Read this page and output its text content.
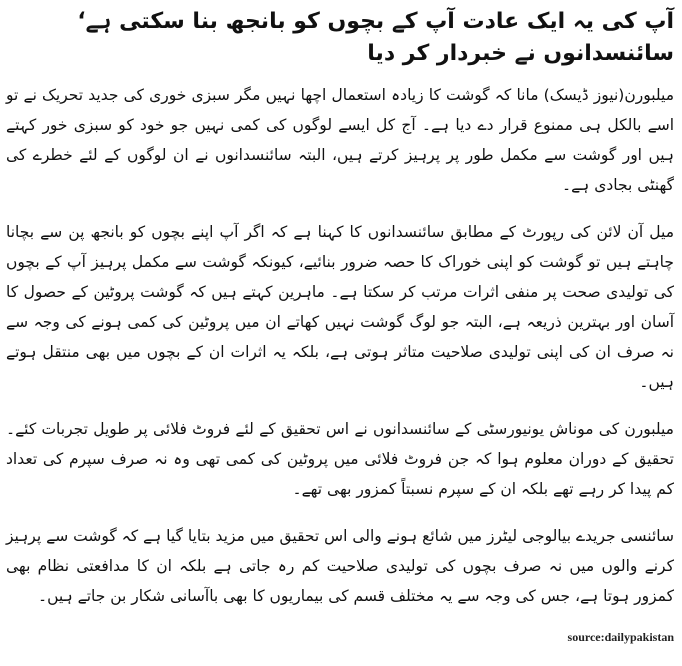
آپ کی یہ ایک عادت آپ کے بچوں کو بانجھ بنا سکتی ہے‘ سائنسدانوں نے خبردار کر دیا

میلبورن(نیوز ڈیسک) مانا کہ گوشت کا زیادہ استعمال اچھا نہیں مگر سبزی خوری کی جدید تحریک نے تو اسے بالکل ہی ممنوع قرار دے دیا ہے۔ آج کل ایسے لوگوں کی کمی نہیں جو خود کو سبزی خور کہتے ہیں اور گوشت سے مکمل طور پر پرہیز کرتے ہیں، البتہ سائنسدانوں نے ان لوگوں کے لئے خطرے کی گھنٹی بجادی ہے۔

میل آن لائن کی رپورٹ کے مطابق سائنسدانوں کا کہنا ہے کہ اگر آپ اپنے بچوں کو بانجھ پن سے بچانا چاہتے ہیں تو گوشت کو اپنی خوراک کا حصہ ضرور بنائیے، کیونکہ گوشت سے مکمل پرہیز آپ کے بچوں کی تولیدی صحت پر منفی اثرات مرتب کر سکتا ہے۔ ماہرین کہتے ہیں کہ گوشت پروٹین کے حصول کا آسان اور بہترین ذریعہ ہے، البتہ جو لوگ گوشت نہیں کھاتے ان میں پروٹین کی کمی ہونے کی وجہ سے نہ صرف ان کی اپنی تولیدی صلاحیت متاثر ہوتی ہے، بلکہ یہ اثرات ان کے بچوں میں بھی منتقل ہوتے ہیں۔

میلبورن کی موناش یونیورسٹی کے سائنسدانوں نے اس تحقیق کے لئے فروٹ فلائی پر طویل تجربات کئے۔ تحقیق کے دوران معلوم ہوا کہ جن فروٹ فلائی میں پروٹین کی کمی تھی وہ نہ صرف سپرم کی تعداد کم پیدا کر رہے تھے بلکہ ان کے سپرم نسبتاً کمزور بھی تھے۔

سائنسی جریدے بیالوجی لیٹرز میں شائع ہونے والی اس تحقیق میں مزید بتایا گیا ہے کہ گوشت سے پرہیز کرنے والوں میں نہ صرف بچوں کی تولیدی صلاحیت کم رہ جاتی ہے بلکہ ان کا مدافعتی نظام بھی کمزور ہوتا ہے، جس کی وجہ سے یہ مختلف قسم کی بیماریوں کا بھی باآسانی شکار بن جاتے ہیں۔

source:dailypakistan
